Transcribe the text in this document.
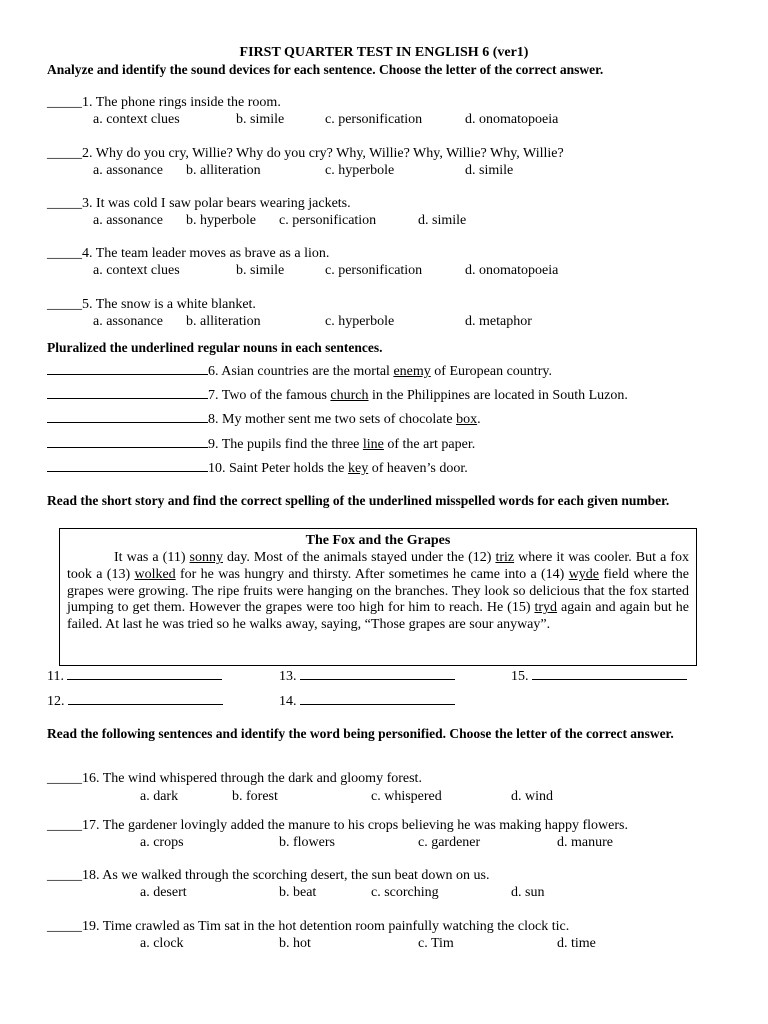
FIRST QUARTER TEST IN ENGLISH 6 (ver1)
Analyze and identify the sound devices for each sentence. Choose the letter of the correct answer.
_____1. The phone rings inside the room.
a. context clues	b. simile	c. personification	d. onomatopoeia
_____2. Why do you cry, Willie? Why do you cry? Why, Willie? Why, Willie? Why, Willie?
a. assonance b. alliteration	c. hyperbole	d. simile
_____3. It was cold I saw polar bears wearing jackets.
a. assonance b. hyperbole c. personification	d. simile
_____4. The team leader moves as brave as a lion.
a. context clues	b. simile	c. personification	d. onomatopoeia
_____5. The snow is a white blanket.
a. assonance b. alliteration	c. hyperbole	d. metaphor
Pluralized the underlined regular nouns in each sentences.
6. Asian countries are the mortal enemy of European country.
7. Two of the famous church in the Philippines are located in South Luzon.
8. My mother sent me two sets of chocolate box.
9. The pupils find the three line of the art paper.
10. Saint Peter holds the key of heaven’s door.
Read the short story and find the correct spelling of the underlined misspelled words for each given number.
The Fox and the Grapes

It was a (11) sonny day. Most of the animals stayed under the (12) triz where it was cooler. But a fox took a (13) wolked for he was hungry and thirsty. After sometimes he came into a (14) wyde field where the grapes were growing. The ripe fruits were hanging on the branches. They look so delicious that the fox started jumping to get them. However the grapes were too high for him to reach. He (15) tryd again and again but he failed. At last he was tried so he walks away, saying, “Those grapes are sour anyway”.

11.	13.	15.
12.	14.
Read the following sentences and identify the word being personified. Choose the letter of the correct answer.
_____16. The wind whispered through the dark and gloomy forest.
a. dark	b. forest	c. whispered	d. wind
_____17. The gardener lovingly added the manure to his crops believing he was making happy flowers.
a. crops	b. flowers	c. gardener	d. manure
_____18. As we walked through the scorching desert, the sun beat down on us.
a. desert	b. beat	c. scorching	d. sun
_____19. Time crawled as Tim sat in the hot detention room painfully watching the clock tic.
a. clock	b. hot	c. Tim	d. time
